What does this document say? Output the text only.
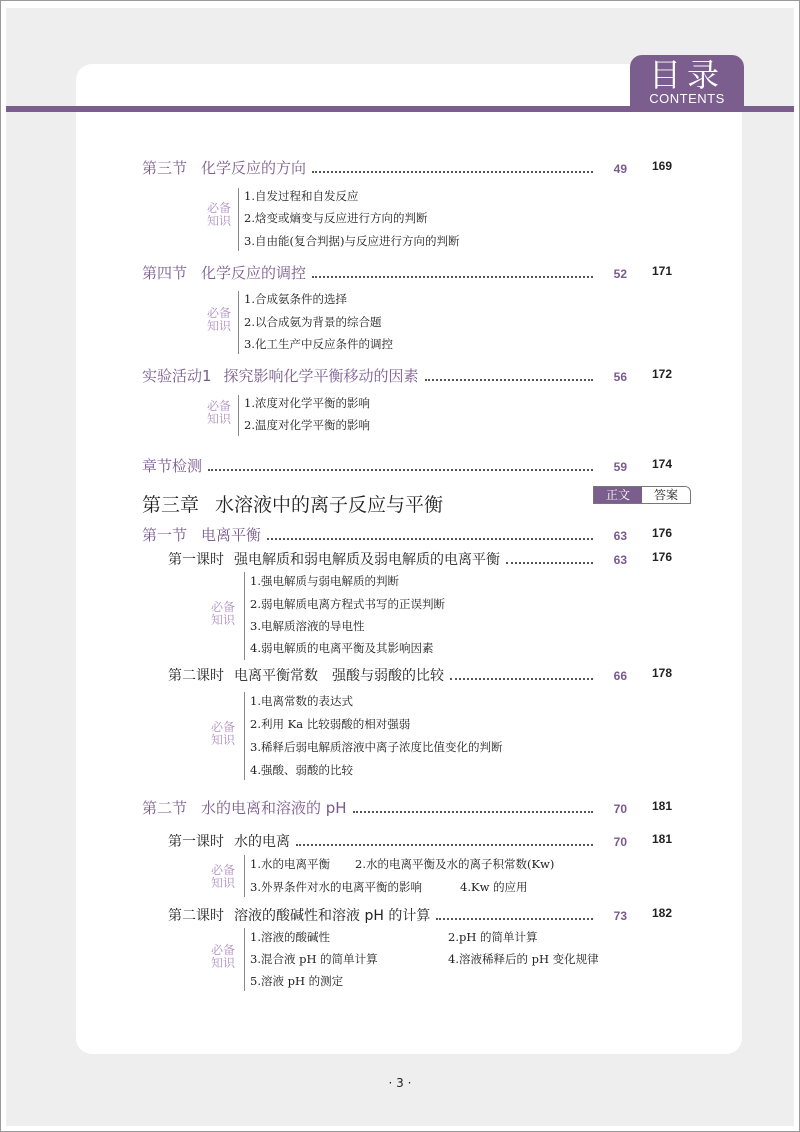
目录
CONTENTS
第三节 化学反应的方向	49 169
必备
知识
1.自发过程和自发反应
2.焓变或熵变与反应进行方向的判断
3.自由能(复合判据)与反应进行方向的判断
第四节 化学反应的调控	52 171
必备
知识
1.合成氨条件的选择
2.以合成氨为背景的综合题
3.化工生产中反应条件的调控
实验活动1 探究影响化学平衡移动的因素	56 172
必备
知识
1.浓度对化学平衡的影响
2.温度对化学平衡的影响
章节检测	59 174
第三章 水溶液中的离子反应与平衡	正文	答案
第一节 电离平衡	63 176
第一课时 强电解质和弱电解质及弱电解质的电离平衡	63 176
必备
知识
1.强电解质与弱电解质的判断
2.弱电解质电离方程式书写的正误判断
3.电解质溶液的导电性
4.弱电解质的电离平衡及其影响因素
第二课时 电离平衡常数　强酸与弱酸的比较	66 178
必备
知识
1.电离常数的表达式
2.利用 Ka 比较弱酸的相对强弱
3.稀释后弱电解质溶液中离子浓度比值变化的判断
4.强酸、弱酸的比较
第二节 水的电离和溶液的 pH	70 181
第一课时 水的电离	70 181
必备
知识
1.水的电离平衡 2.水的电离平衡及水的离子积常数(Kw)
3.外界条件对水的电离平衡的影响	4.Kw 的应用
第二课时 溶液的酸碱性和溶液 pH 的计算	73 182
必备
知识
1.溶液的酸碱性	2.pH 的简单计算
3.混合液 pH 的简单计算	4.溶液稀释后的 pH 变化规律
5.溶液 pH 的测定
· 3 ·
